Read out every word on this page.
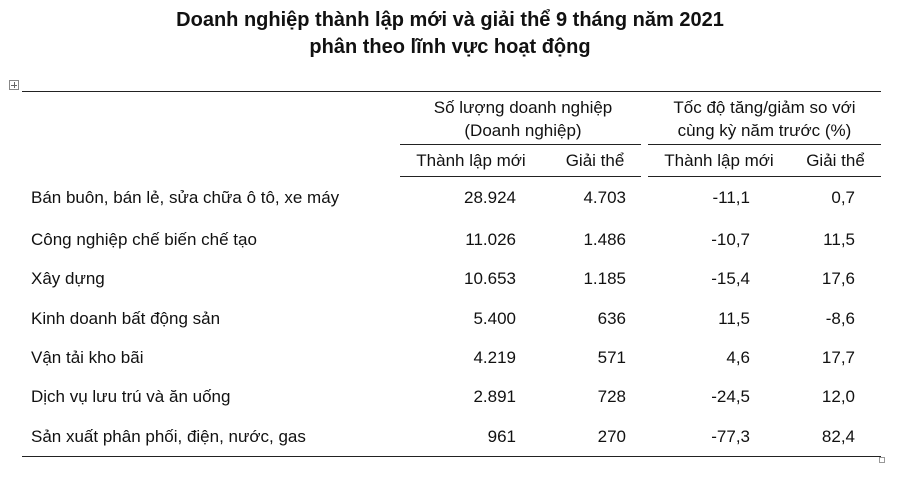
Doanh nghiệp thành lập mới và giải thể 9 tháng năm 2021
phân theo lĩnh vực hoạt động
Số lượng doanh nghiệp
(Doanh nghiệp)
Tốc độ tăng/giảm so với
cùng kỳ năm trước (%)
Thành lập mới	Giải thể	Thành lập mới	Giải thể
Bán buôn, bán lẻ, sửa chữa ô tô, xe máy	28.924	4.703	-11,1	0,7
Công nghiệp chế biến chế tạo	11.026	1.486	-10,7	11,5
Xây dựng	10.653	1.185	-15,4	17,6
Kinh doanh bất động sản	5.400	636	11,5	-8,6
Vận tải kho bãi	4.219	571	4,6	17,7
Dịch vụ lưu trú và ăn uống	2.891	728	-24,5	12,0
Sản xuất phân phối, điện, nước, gas	961	270	-77,3	82,4
